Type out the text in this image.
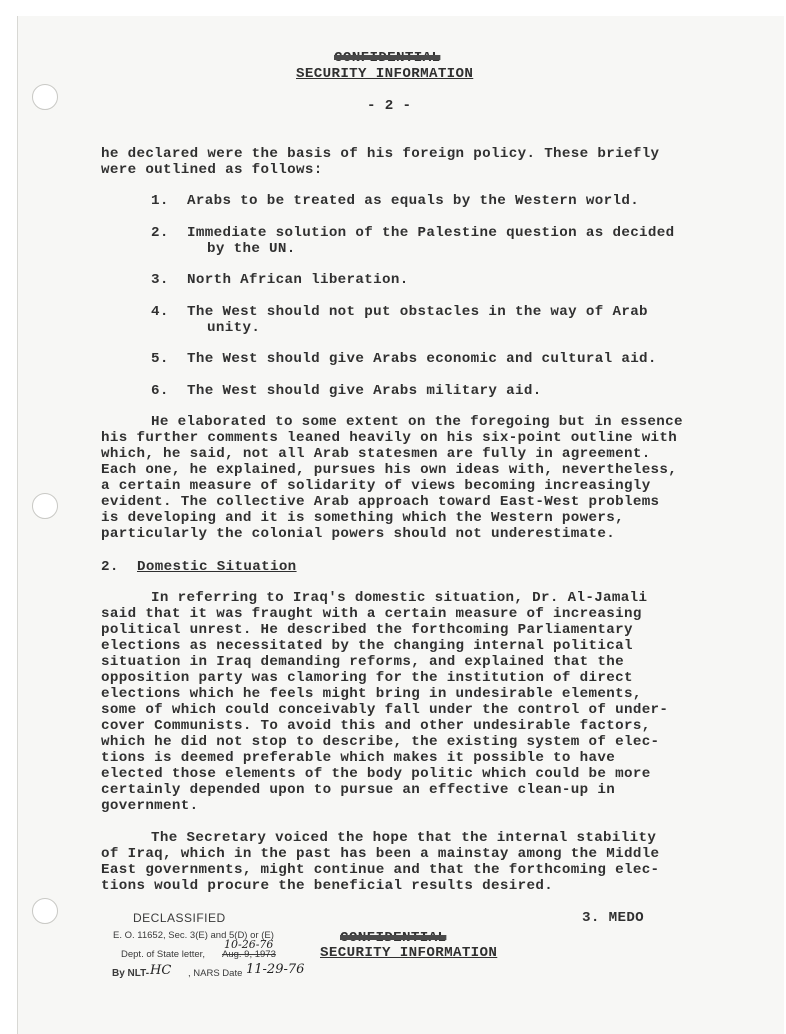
CONFIDENTIAL
SECURITY INFORMATION
- 2 -
he declared were the basis of his foreign policy. These briefly
were outlined as follows:
1. Arabs to be treated as equals by the Western world.
2. Immediate solution of the Palestine question as decided
by the UN.
3. North African liberation.
4. The West should not put obstacles in the way of Arab
unity.
5. The West should give Arabs economic and cultural aid.
6. The West should give Arabs military aid.
He elaborated to some extent on the foregoing but in essence
his further comments leaned heavily on his six-point outline with
which, he said, not all Arab statesmen are fully in agreement.
Each one, he explained, pursues his own ideas with, nevertheless,
a certain measure of solidarity of views becoming increasingly
evident. The collective Arab approach toward East-West problems
is developing and it is something which the Western powers,
particularly the colonial powers should not underestimate.
2. Domestic Situation
In referring to Iraq's domestic situation, Dr. Al-Jamali
said that it was fraught with a certain measure of increasing
political unrest. He described the forthcoming Parliamentary
elections as necessitated by the changing internal political
situation in Iraq demanding reforms, and explained that the
opposition party was clamoring for the institution of direct
elections which he feels might bring in undesirable elements,
some of which could conceivably fall under the control of under-
cover Communists. To avoid this and other undesirable factors,
which he did not stop to describe, the existing system of elec-
tions is deemed preferable which makes it possible to have
elected those elements of the body politic which could be more
certainly depended upon to pursue an effective clean-up in
government.
The Secretary voiced the hope that the internal stability
of Iraq, which in the past has been a mainstay among the Middle
East governments, might continue and that the forthcoming elec-
tions would procure the beneficial results desired.
3. MEDO
CONFIDENTIAL
SECURITY INFORMATION
DECLASSIFIED
E. O. 11652, Sec. 3(E) and 5(D) or (E)
Dept. of State letter, Aug. 9, 1973
10-26-76
By NLT- HC , NARS Date 11-29-76
